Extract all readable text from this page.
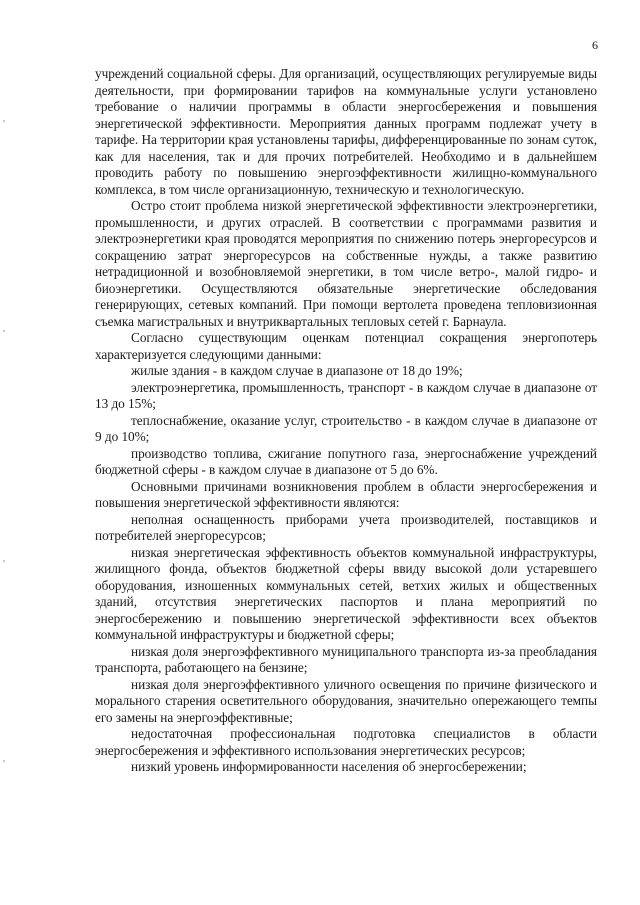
6

учреждений социальной сферы. Для организаций, осуществляющих регулируемые виды деятельности, при формировании тарифов на коммунальные услуги установлено требование о наличии программы в области энергосбережения и повышения энергетической эффективности. Мероприятия данных программ подлежат учету в тарифе. На территории края установлены тарифы, дифференцированные по зонам суток, как для населения, так и для прочих потребителей. Необходимо и в дальнейшем проводить работу по повышению энергоэффективности жилищно-коммунального комплекса, в том числе организационную, техническую и технологическую.

Остро стоит проблема низкой энергетической эффективности электроэнергетики, промышленности, и других отраслей. В соответствии с программами развития и электроэнергетики края проводятся мероприятия по снижению потерь энергоресурсов и сокращению затрат энергоресурсов на собственные нужды, а также развитию нетрадиционной и возобновляемой энергетики, в том числе ветро-, малой гидро- и биоэнергетики. Осуществляются обязательные энергетические обследования генерирующих, сетевых компаний. При помощи вертолета проведена тепловизионная съемка магистральных и внутриквартальных тепловых сетей г. Барнаула.

Согласно существующим оценкам потенциал сокращения энергопотерь характеризуется следующими данными:

жилые здания - в каждом случае в диапазоне от 18 до 19%;

электроэнергетика, промышленность, транспорт - в каждом случае в диапазоне от 13 до 15%;

теплоснабжение, оказание услуг, строительство - в каждом случае в диапазоне от 9 до 10%;

производство топлива, сжигание попутного газа, энергоснабжение учреждений бюджетной сферы - в каждом случае в диапазоне от 5 до 6%.

Основными причинами возникновения проблем в области энергосбережения и повышения энергетической эффективности являются:

неполная оснащенность приборами учета производителей, поставщиков и потребителей энергоресурсов;

низкая энергетическая эффективность объектов коммунальной инфраструктуры, жилищного фонда, объектов бюджетной сферы ввиду высокой доли устаревшего оборудования, изношенных коммунальных сетей, ветхих жилых и общественных зданий, отсутствия энергетических паспортов и плана мероприятий по энергосбережению и повышению энергетической эффективности всех объектов коммунальной инфраструктуры и бюджетной сферы;

низкая доля энергоэффективного муниципального транспорта из-за преобладания транспорта, работающего на бензине;

низкая доля энергоэффективного уличного освещения по причине физического и морального старения осветительного оборудования, значительно опережающего темпы его замены на энергоэффективные;

недостаточная профессиональная подготовка специалистов в области энергосбережения и эффективного использования энергетических ресурсов;

низкий уровень информированности населения об энергосбережении;
